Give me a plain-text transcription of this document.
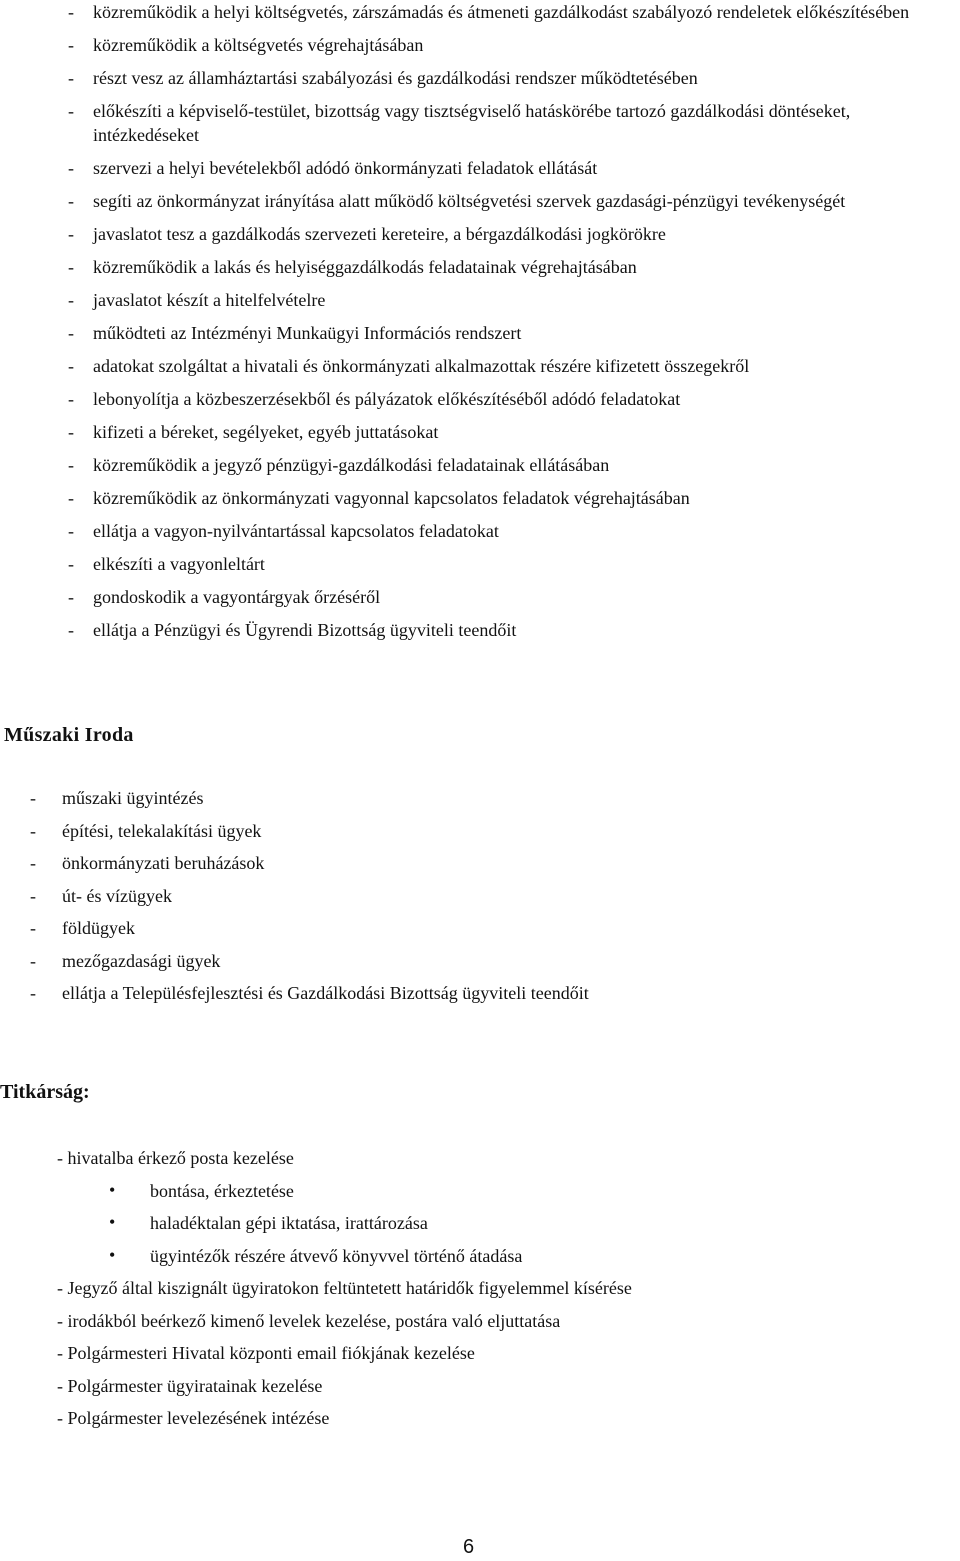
- közreműködik a helyi költségvetés, zárszámadás és átmeneti gazdálkodást szabályozó rendeletek előkészítésében
- közreműködik a költségvetés végrehajtásában
- részt vesz az államháztartási szabályozási és gazdálkodási rendszer működtetésében
- előkészíti a képviselő-testület, bizottság vagy tisztségviselő hatáskörébe tartozó gazdálkodási döntéseket, intézkedéseket
- szervezi a helyi bevételekből adódó önkormányzati feladatok ellátását
- segíti az önkormányzat irányítása alatt működő költségvetési szervek gazdasági-pénzügyi tevékenységét
- javaslatot tesz a gazdálkodás szervezeti kereteire, a bérgazdálkodási jogkörökre
- közreműködik a lakás és helyiséggazdálkodás feladatainak végrehajtásában
- javaslatot készít a hitelfelvételre
- működteti az Intézményi Munkaügyi Információs rendszert
- adatokat szolgáltat a hivatali és önkormányzati alkalmazottak részére kifizetett összegekről
- lebonyolítja a közbeszerzésekből és pályázatok előkészítéséből adódó feladatokat
- kifizeti a béreket, segélyeket, egyéb juttatásokat
- közreműködik a jegyző pénzügyi-gazdálkodási feladatainak ellátásában
- közreműködik az önkormányzati vagyonnal kapcsolatos feladatok végrehajtásában
- ellátja a vagyon-nyilvántartással kapcsolatos feladatokat
- elkészíti a vagyonleltárt
- gondoskodik a vagyontárgyak őrzéséről
- ellátja a Pénzügyi és Ügyrendi Bizottság ügyviteli teendőit
Műszaki Iroda
- műszaki ügyintézés
- építési, telekalakítási ügyek
- önkormányzati beruházások
- út- és vízügyek
- földügyek
- mezőgazdasági ügyek
- ellátja a Településfejlesztési és Gazdálkodási Bizottság ügyviteli teendőit
Titkárság:
- hivatalba érkező posta kezelése
• bontása, érkeztetése
• haladéktalan gépi iktatása, irattározása
• ügyintézők részére átvevő könyvvel történő átadása
- Jegyző által kiszignált ügyiratokon feltüntetett határidők figyelemmel kísérése
- irodákból beérkező kimenő levelek kezelése, postára való eljuttatása
- Polgármesteri Hivatal központi email fiókjának kezelése
- Polgármester ügyiratainak kezelése
- Polgármester levelezésének intézése
6
